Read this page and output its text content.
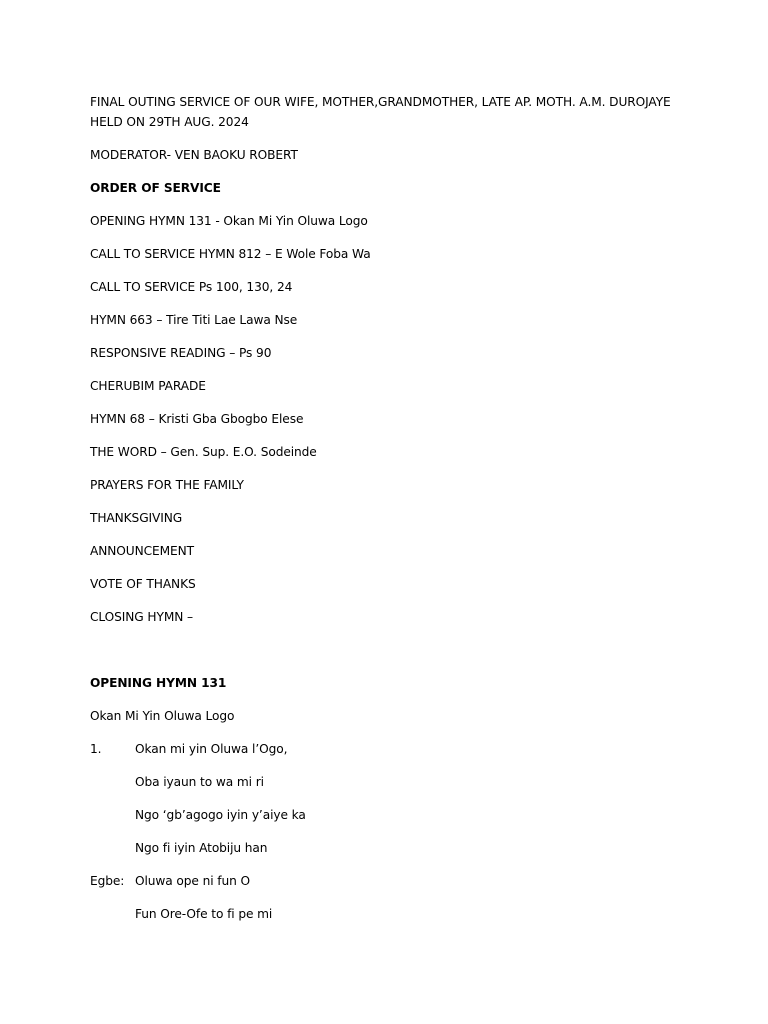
FINAL OUTING SERVICE OF OUR WIFE, MOTHER,GRANDMOTHER, LATE AP. MOTH. A.M. DUROJAYE HELD ON 29TH AUG. 2024
MODERATOR- VEN BAOKU ROBERT
ORDER OF SERVICE
OPENING HYMN 131 - Okan Mi Yin Oluwa Logo
CALL TO SERVICE HYMN 812 – E Wole Foba Wa
CALL TO SERVICE Ps 100, 130, 24
HYMN 663 – Tire Titi Lae Lawa Nse
RESPONSIVE READING – Ps 90
CHERUBIM PARADE
HYMN 68 – Kristi Gba Gbogbo Elese
THE WORD – Gen. Sup. E.O. Sodeinde
PRAYERS FOR THE FAMILY
THANKSGIVING
ANNOUNCEMENT
VOTE OF THANKS
CLOSING HYMN –
OPENING HYMN 131
Okan Mi Yin Oluwa Logo
1.	Okan mi yin Oluwa l’Ogo,
Oba iyaun to wa mi ri
Ngo ‘gb’agogo iyin y’aiye ka
Ngo fi iyin Atobiju han
Egbe: Oluwa ope ni fun O
Fun Ore-Ofe to fi pe mi
